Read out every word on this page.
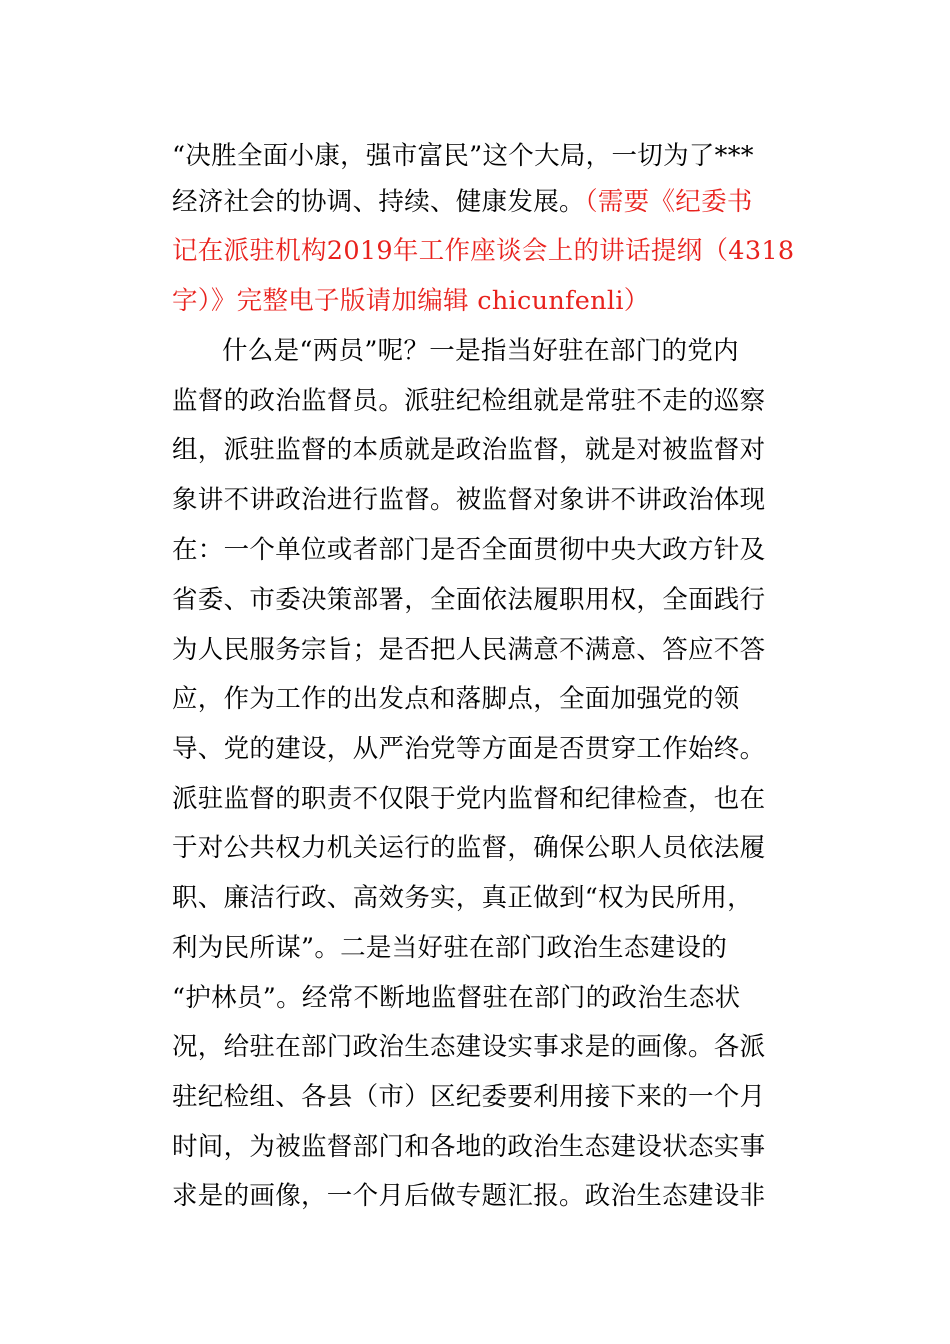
“决胜全面小康，强市富民”这个大局，一切为了***
经济社会的协调、持续、健康发展。（需要《纪委书
记在派驻机构2019年工作座谈会上的讲话提纲（4318
字）》完整电子版请加编辑 chicunfenli）
什么是“两员”呢？一是指当好驻在部门的党内
监督的政治监督员。派驻纪检组就是常驻不走的巡察
组，派驻监督的本质就是政治监督，就是对被监督对
象讲不讲政治进行监督。被监督对象讲不讲政治体现
在：一个单位或者部门是否全面贯彻中央大政方针及
省委、市委决策部署，全面依法履职用权，全面践行
为人民服务宗旨；是否把人民满意不满意、答应不答
应，作为工作的出发点和落脚点，全面加强党的领
导、党的建设，从严治党等方面是否贯穿工作始终。
派驻监督的职责不仅限于党内监督和纪律检查，也在
于对公共权力机关运行的监督，确保公职人员依法履
职、廉洁行政、高效务实，真正做到“权为民所用，
利为民所谋”。二是当好驻在部门政治生态建设的
“护林员”。经常不断地监督驻在部门的政治生态状
况，给驻在部门政治生态建设实事求是的画像。各派
驻纪检组、各县（市）区纪委要利用接下来的一个月
时间，为被监督部门和各地的政治生态建设状态实事
求是的画像，一个月后做专题汇报。政治生态建设非
